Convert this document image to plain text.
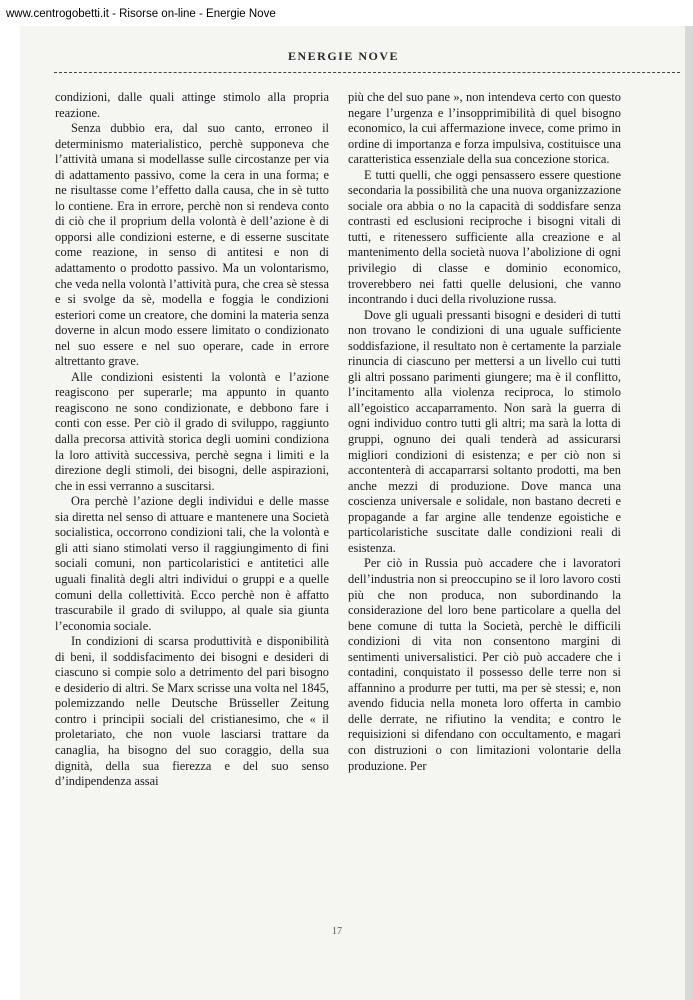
www.centrogobetti.it - Risorse on-line - Energie Nove
ENERGIE NOVE

condizioni, dalle quali attinge stimolo alla propria reazione.

Senza dubbio era, dal suo canto, erroneo il determinismo materialistico, perchè supponeva che l’attività umana si modellasse sulle circostanze per via di adattamento passivo, come la cera in una forma; e ne risultasse come l’effetto dalla causa, che in sè tutto lo contiene. Era in errore, perchè non si rendeva conto di ciò che il proprium della volontà è dell’azione è di opporsi alle condizioni esterne, e di esserne suscitate come reazione, in senso di antitesi e non di adattamento o prodotto passivo. Ma un volontarismo, che veda nella volontà l’attività pura, che crea sè stessa e si svolge da sè, modella e foggia le condizioni esteriori come un creatore, che domini la materia senza doverne in alcun modo essere limitato o condizionato nel suo essere e nel suo operare, cade in errore altrettanto grave.

Alle condizioni esistenti la volontà e l’azione reagiscono per superarle; ma appunto in quanto reagiscono ne sono condizionate, e debbono fare i conti con esse. Per ciò il grado di sviluppo, raggiunto dalla precorsa attività storica degli uomini condiziona la loro attività successiva, perchè segna i limiti e la direzione degli stimoli, dei bisogni, delle aspirazioni, che in essi verranno a suscitarsi.

Ora perchè l’azione degli individui e delle masse sia diretta nel senso di attuare e mantenere una Società socialistica, occorrono condizioni tali, che la volontà e gli atti siano stimolati verso il raggiungimento di fini sociali comuni, non particolaristici e antitetici alle uguali finalità degli altri individui o gruppi e a quelle comuni della collettività. Ecco perchè non è affatto trascurabile il grado di sviluppo, al quale sia giunta l’economia sociale.

In condizioni di scarsa produttività e disponibilità di beni, il soddisfacimento dei bisogni e desideri di ciascuno si compie solo a detrimento del pari bisogno e desiderio di altri. Se Marx scrisse una volta nel 1845, polemizzando nelle Deutsche Brüsseller Zeitung contro i principii sociali del cristianesimo, che « il proletariato, che non vuole lasciarsi trattare da canaglia, ha bisogno del suo coraggio, della sua dignità, della sua fierezza e del suo senso d’indipendenza assai

più che del suo pane », non intendeva certo con questo negare l’urgenza e l’insopprimibilità di quel bisogno economico, la cui affermazione invece, come primo in ordine di importanza e forza impulsiva, costituisce una caratteristica essenziale della sua concezione storica.

E tutti quelli, che oggi pensassero essere questione secondaria la possibilità che una nuova organizzazione sociale ora abbia o no la capacità di soddisfare senza contrasti ed esclusioni reciproche i bisogni vitali di tutti, e ritenessero sufficiente alla creazione e al mantenimento della società nuova l’abolizione di ogni privilegio di classe e dominio economico, troverebbero nei fatti quelle delusioni, che vanno incontrando i duci della rivoluzione russa.

Dove gli uguali pressanti bisogni e desideri di tutti non trovano le condizioni di una uguale sufficiente soddisfazione, il resultato non è certamente la parziale rinuncia di ciascuno per mettersi a un livello cui tutti gli altri possano parimenti giungere; ma è il conflitto, l’incitamento alla violenza reciproca, lo stimolo all’egoistico accaparramento. Non sarà la guerra di ogni individuo contro tutti gli altri; ma sarà la lotta di gruppi, ognuno dei quali tenderà ad assicurarsi migliori condizioni di esistenza; e per ciò non si accontenterà di accaparrarsi soltanto prodotti, ma ben anche mezzi di produzione. Dove manca una coscienza universale e solidale, non bastano decreti e propagande a far argine alle tendenze egoistiche e particolaristiche suscitate dalle condizioni reali di esistenza.

Per ciò in Russia può accadere che i lavoratori dell’industria non si preoccupino se il loro lavoro costi più che non produca, non subordinando la considerazione del loro bene particolare a quella del bene comune di tutta la Società, perchè le difficili condizioni di vita non consentono margini di sentimenti universalistici. Per ciò può accadere che i contadini, conquistato il possesso delle terre non si affannino a produrre per tutti, ma per sè stessi; e, non avendo fiducia nella moneta loro offerta in cambio delle derrate, ne rifiutino la vendita; e contro le requisizioni si difendano con occultamento, e magari con distruzioni o con limitazioni volontarie della produzione. Per

17
